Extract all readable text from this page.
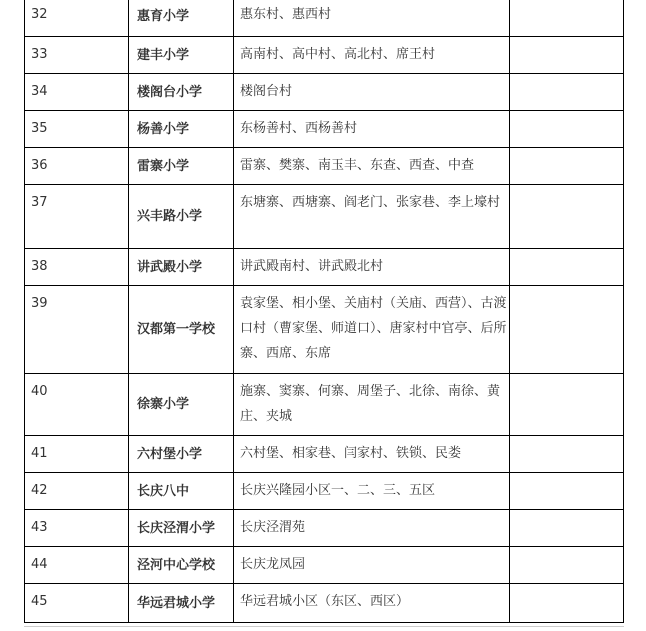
32	惠育小学	惠东村、惠西村	
33	建丰小学	高南村、高中村、高北村、席王村	
34	楼阁台小学	楼阁台村	
35	杨善小学	东杨善村、西杨善村	
36	雷寨小学	雷寨、樊寨、南玉丰、东查、西查、中查	
37	兴丰路小学	东塘寨、西塘寨、阎老门、张家巷、李上壕村	
38	讲武殿小学	讲武殿南村、讲武殿北村	
39	汉都第一学校	袁家堡、相小堡、关庙村（关庙、西营）、古渡口村（曹家堡、师道口）、唐家村中官亭、后所寨、西席、东席	
40	徐寨小学	施寨、窦寨、何寨、周堡子、北徐、南徐、黄庄、夹城	
41	六村堡小学	六村堡、相家巷、闫家村、铁锁、民娄	
42	长庆八中	长庆兴隆园小区一、二、三、五区	
43	长庆泾渭小学	长庆泾渭苑	
44	泾河中心学校	长庆龙凤园	
45	华远君城小学	华远君城小区（东区、西区）	
